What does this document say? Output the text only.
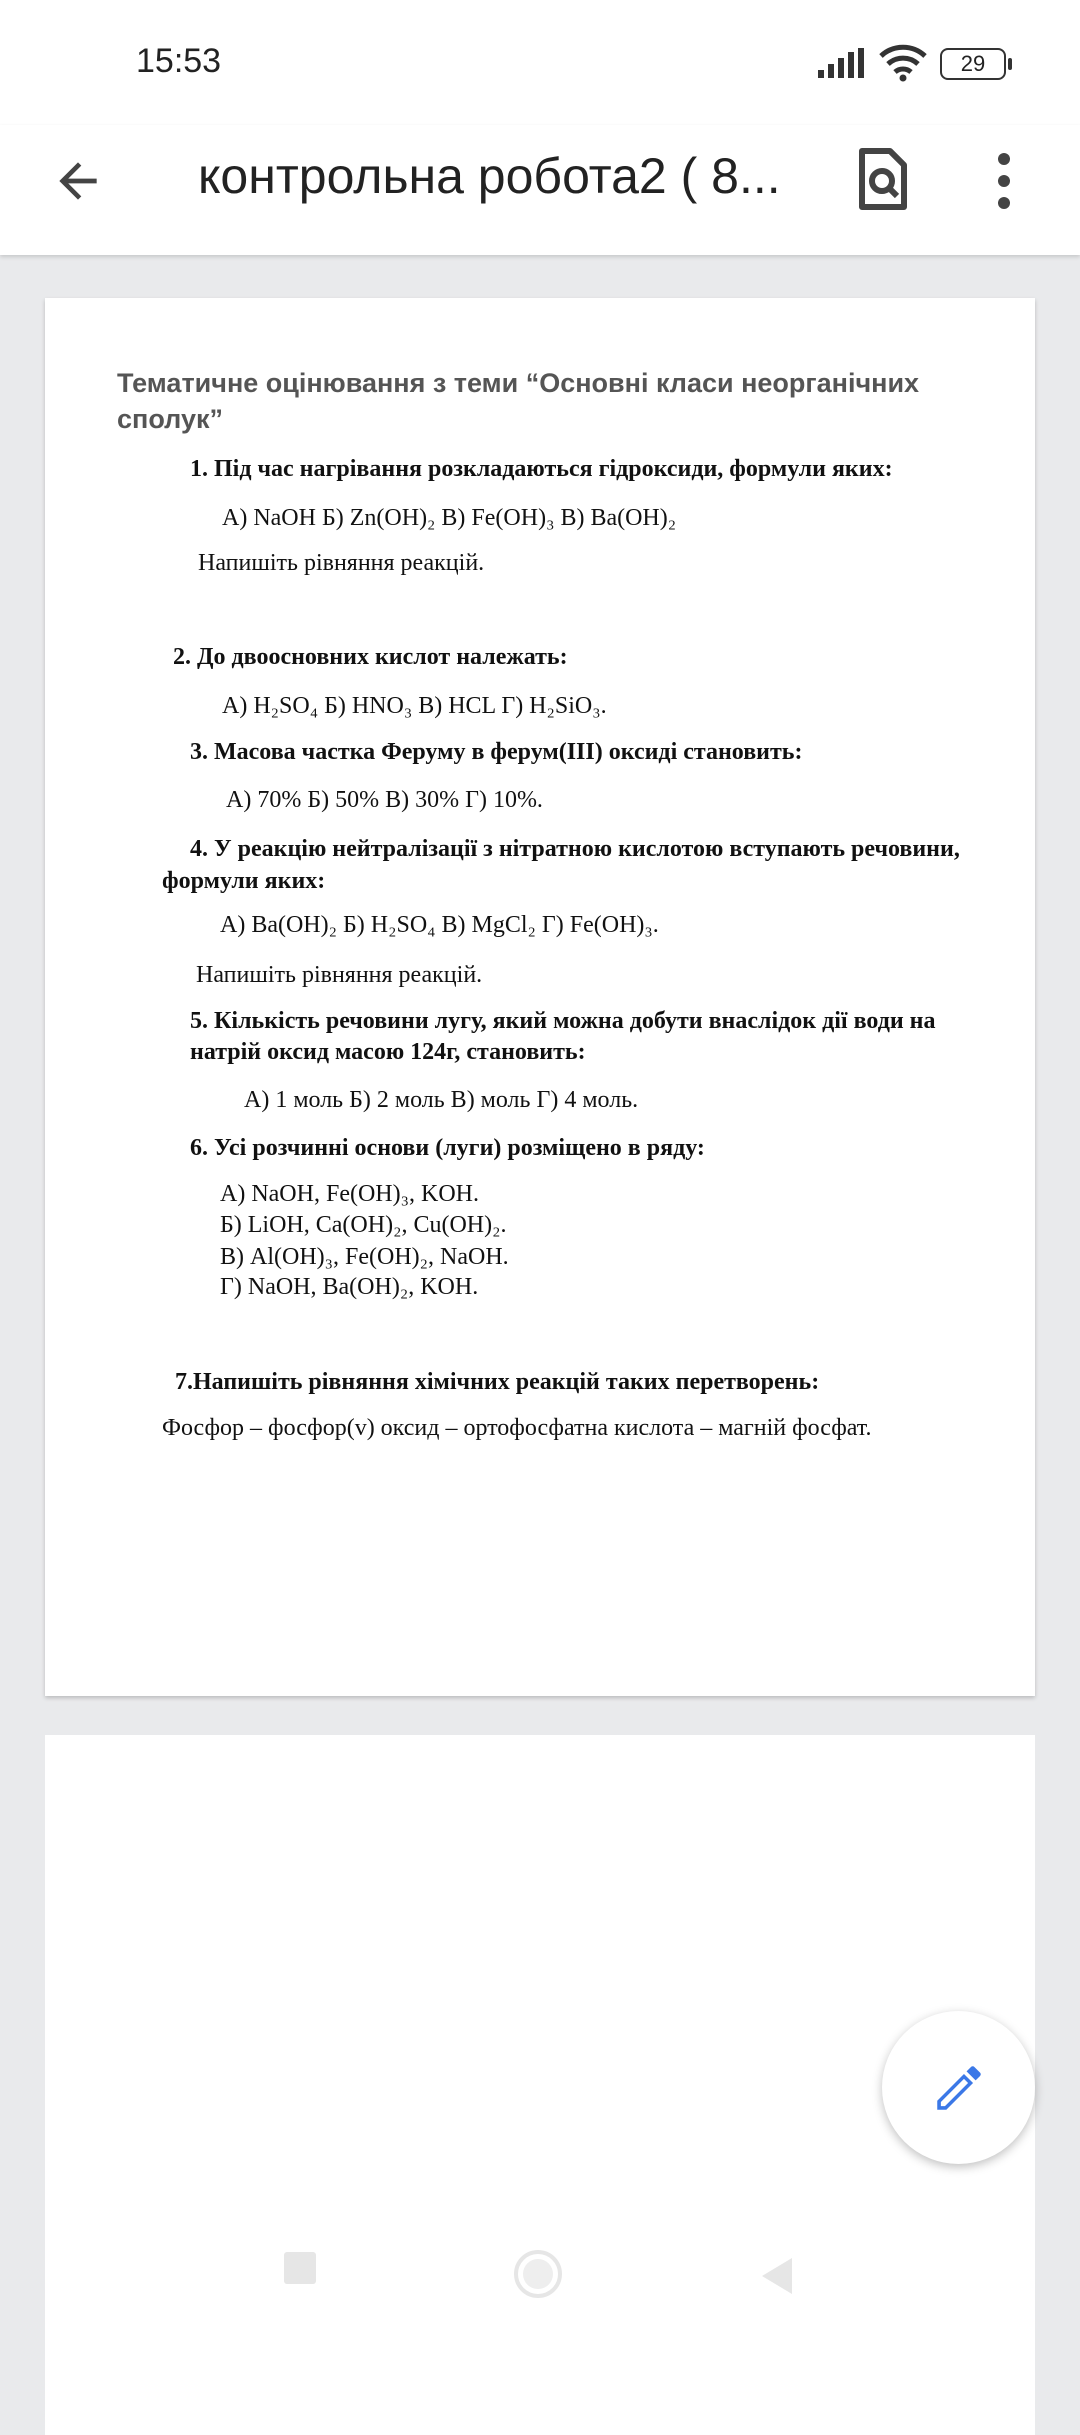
15:53	29
контрольна робота2 ( 8...
Тематичне оцінювання з теми “Основні класи неорганічних
сполук”
1. Під час нагрівання розкладаються гідроксиди, формули яких:
А) NaOH Б) Zn(OH)₂ В) Fe(OH)₃ В) Ba(OH)₂
Напишіть рівняння реакцій.
2. До двоосновних кислот належать:
А) H₂SO₄ Б) HNO₃ В) HCL Г) H₂SiO₃.
3. Масова частка Феруму в ферум(III) оксиді становить:
А) 70% Б) 50% В) 30% Г) 10%.
4. У реакцію нейтралізації з нітратною кислотою вступають речовини,
формули яких:
А) Ba(OH)₂ Б) H₂SO₄ В) MgCl₂ Г) Fe(OH)₃.
Напишіть рівняння реакцій.
5. Кількість речовини лугу, який можна добути внаслідок дії води на
натрій оксид масою 124г, становить:
А) 1 моль Б) 2 моль В) моль Г) 4 моль.
6. Усі розчинні основи (луги) розміщено в ряду:
А) NaOH, Fe(OH)₃, KOH.
Б) LiOH, Ca(OH)₂, Cu(OH)₂.
В) Al(OH)₃, Fe(OH)₂, NaOH.
Г) NaOH, Ba(OH)₂, KOH.
7.Напишіть рівняння хімічних реакцій таких перетворень:
Фосфор – фосфор(v) оксид – ортофосфатна кислота – магній фосфат.
